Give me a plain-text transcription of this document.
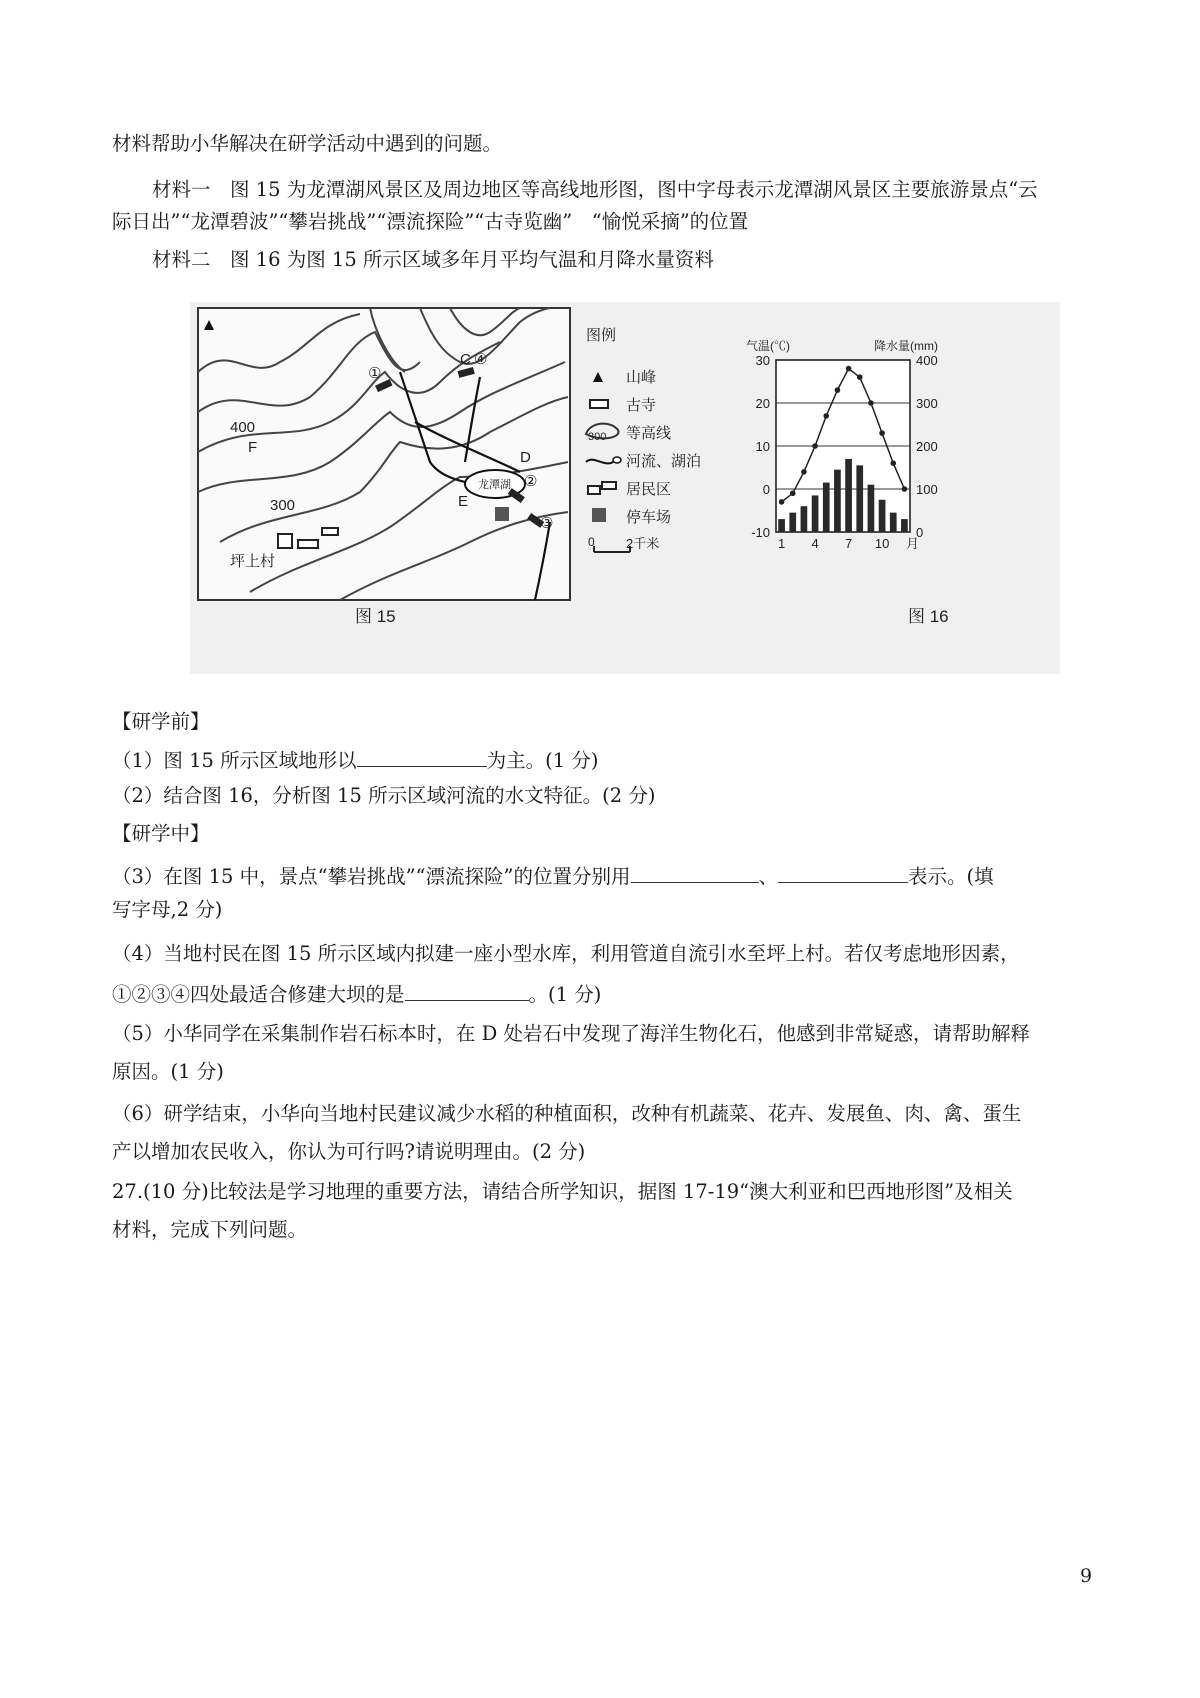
材料帮助小华解决在研学活动中遇到的问题。
材料一　图 15 为龙潭湖风景区及周边地区等高线地形图，图中字母表示龙潭湖风景区主要旅游景点“云
际日出”“龙潭碧波”“攀岩挑战”“漂流探险”“古寺览幽”　“愉悦采摘”的位置
材料二　图 16 为图 15 所示区域多年月平均气温和月降水量资料
400
300
F
C
D
E
①
②
③
④
龙潭湖
坪上村
图 15
图例
山峰
古寺
300 等高线
河流、湖泊
居民区
停车场
0 2千米
气温(℃)	降水量(mm)
30
20
10
0
-10
400
300
200
100
0
1 4 7 10 月
图 16
【研学前】
（1）图 15 所示区域地形以	为主。(1 分)
（2）结合图 16，分析图 15 所示区域河流的水文特征。(2 分)
【研学中】
（3）在图 15 中，景点“攀岩挑战”“漂流探险”的位置分别用	、	表示。(填
写字母,2 分)
（4）当地村民在图 15 所示区域内拟建一座小型水库，利用管道自流引水至坪上村。若仅考虑地形因素，
①②③④四处最适合修建大坝的是	。(1 分)
（5）小华同学在采集制作岩石标本时，在 D 处岩石中发现了海洋生物化石，他感到非常疑惑，请帮助解释
原因。(1 分)
（6）研学结束，小华向当地村民建议减少水稻的种植面积，改种有机蔬菜、花卉、发展鱼、肉、禽、蛋生
产以增加农民收入，你认为可行吗?请说明理由。(2 分)
27.(10 分)比较法是学习地理的重要方法，请结合所学知识，据图 17-19“澳大利亚和巴西地形图”及相关
材料，完成下列问题。
9
